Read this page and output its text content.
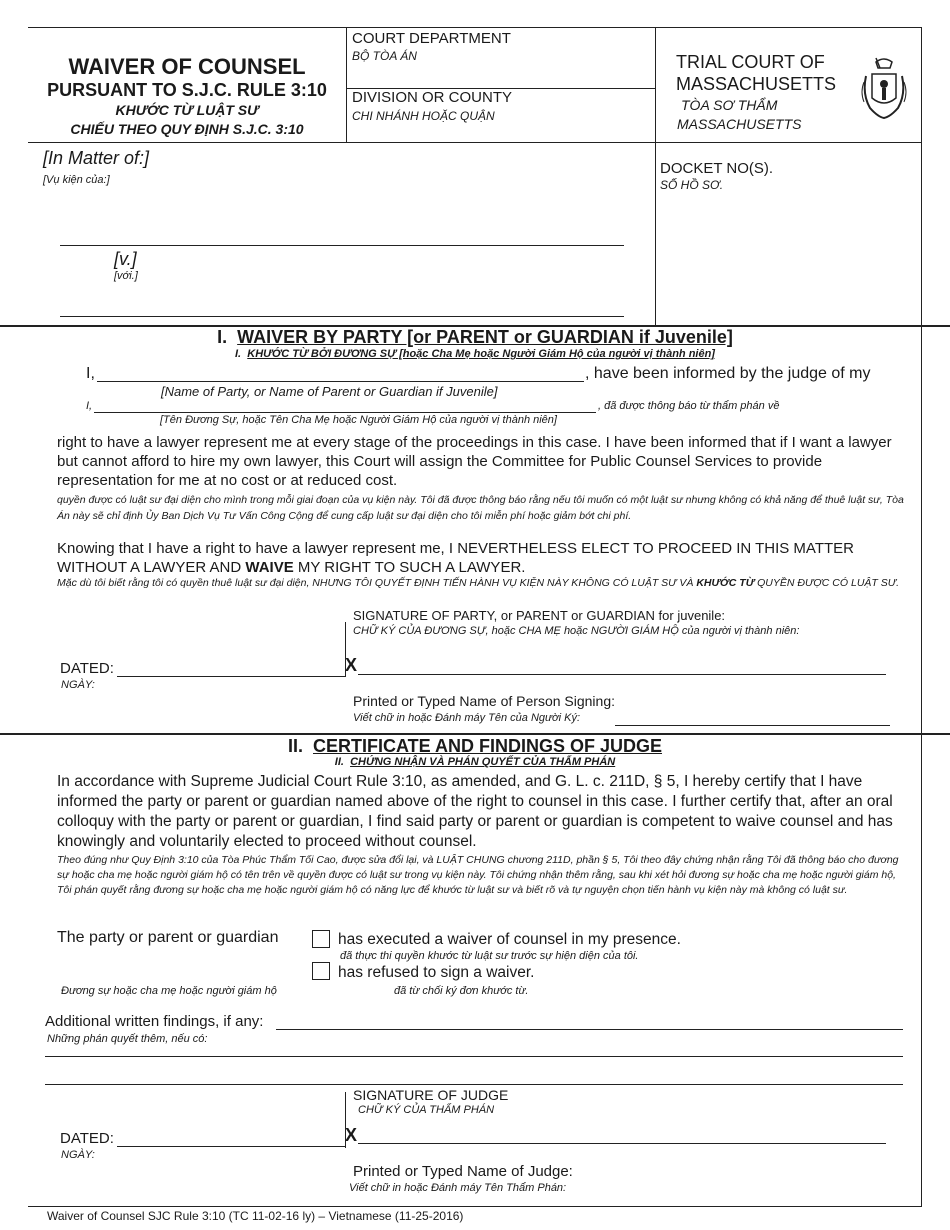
WAIVER OF COUNSEL
PURSUANT TO S.J.C. RULE 3:10
KHƯỚC TỪ LUẬT SƯ
CHIẾU THEO QUY ĐỊNH S.J.C. 3:10
COURT DEPARTMENT
BỘ TÒA ÁN
DIVISION OR COUNTY
CHI NHÁNH HOẶC QUẬN
TRIAL COURT OF
MASSACHUSETTS
TÒA SƠ THẨM
MASSACHUSETTS
[In Matter of:]
[Vụ kiện của:]
[v.]
[với.]
DOCKET NO(S).
SỐ HỒ SƠ.
I. WAIVER BY PARTY [or PARENT or GUARDIAN if Juvenile]
I. KHƯỚC TỪ BỞI ĐƯƠNG SỰ [hoặc Cha Mẹ hoặc Người Giám Hộ của người vị thành niên]
I,	, have been informed by the judge of my
[Name of Party, or Name of Parent or Guardian if Juvenile]
I,	, đã được thông báo từ thẩm phán về
[Tên Đương Sự, hoặc Tên Cha Mẹ hoặc Người Giám Hộ của người vị thành niên]

right to have a lawyer represent me at every stage of the proceedings in this case. I have been informed that if I want a lawyer but cannot afford to hire my own lawyer, this Court will assign the Committee for Public Counsel Services to provide representation for me at no cost or at reduced cost.

quyền được có luật sư đại diện cho mình trong mỗi giai đoạn của vụ kiện này. Tôi đã được thông báo rằng nếu tôi muốn có một luật sư nhưng không có khả năng để thuê luật sư, Tòa Án này sẽ chỉ định Ủy Ban Dịch Vụ Tư Vấn Công Cộng để cung cấp luật sư đại diện cho tôi miễn phí hoặc giảm bớt chi phí.

Knowing that I have a right to have a lawyer represent me, I NEVERTHELESS ELECT TO PROCEED IN THIS MATTER WITHOUT A LAWYER AND WAIVE MY RIGHT TO SUCH A LAWYER.

Mặc dù tôi biết rằng tôi có quyền thuê luật sư đại diện, NHƯNG TÔI QUYẾT ĐỊNH TIẾN HÀNH VỤ KIỆN NÀY KHÔNG CÓ LUẬT SƯ VÀ KHƯỚC TỪ QUYỀN ĐƯỢC CÓ LUẬT SƯ.

SIGNATURE OF PARTY, or PARENT or GUARDIAN for juvenile:
CHỮ KÝ CỦA ĐƯƠNG SỰ, hoặc CHA MẸ hoặc NGƯỜI GIÁM HỘ của người vị thành niên:
DATED:
NGÀY:
X
Printed or Typed Name of Person Signing:
Viết chữ in hoặc Đánh máy Tên của Người Ký:
II. CERTIFICATE AND FINDINGS OF JUDGE
II. CHỨNG NHẬN VÀ PHÁN QUYẾT CỦA THẨM PHÁN

In accordance with Supreme Judicial Court Rule 3:10, as amended, and G. L. c. 211D, § 5, I hereby certify that I have informed the party or parent or guardian named above of the right to counsel in this case. I further certify that, after an oral colloquy with the party or parent or guardian, I find said party or parent or guardian is competent to waive counsel and has knowingly and voluntarily elected to proceed without counsel.

Theo đúng như Quy Định 3:10 của Tòa Phúc Thẩm Tối Cao, được sửa đổi lại, và LUẬT CHUNG chương 211D, phần § 5, Tôi theo đây chứng nhận rằng Tôi đã thông báo cho đương sự hoặc cha mẹ hoặc người giám hộ có tên trên về quyền được có luật sư trong vụ kiện này. Tôi chứng nhận thêm rằng, sau khi xét hỏi đương sự hoặc cha mẹ hoặc người giám hộ, Tôi phán quyết rằng đương sự hoặc cha mẹ hoặc người giám hộ có năng lực để khước từ luật sư và biết rõ và tự nguyện chọn tiến hành vụ kiện này mà không có luật sư.

The party or parent or guardian
Đương sự hoặc cha mẹ hoặc người giám hộ
has executed a waiver of counsel in my presence.
đã thực thi quyền khước từ luật sư trước sự hiện diện của tôi.
has refused to sign a waiver.
đã từ chối ký đơn khước từ.
Additional written findings, if any:
Những phán quyết thêm, nếu có:
SIGNATURE OF JUDGE
CHỮ KÝ CỦA THẨM PHÁN
DATED:
NGÀY:
X
Printed or Typed Name of Judge:
Viết chữ in hoặc Đánh máy Tên Thẩm Phán:
Waiver of Counsel SJC Rule 3:10 (TC 11-02-16 ly) – Vietnamese (11-25-2016)
